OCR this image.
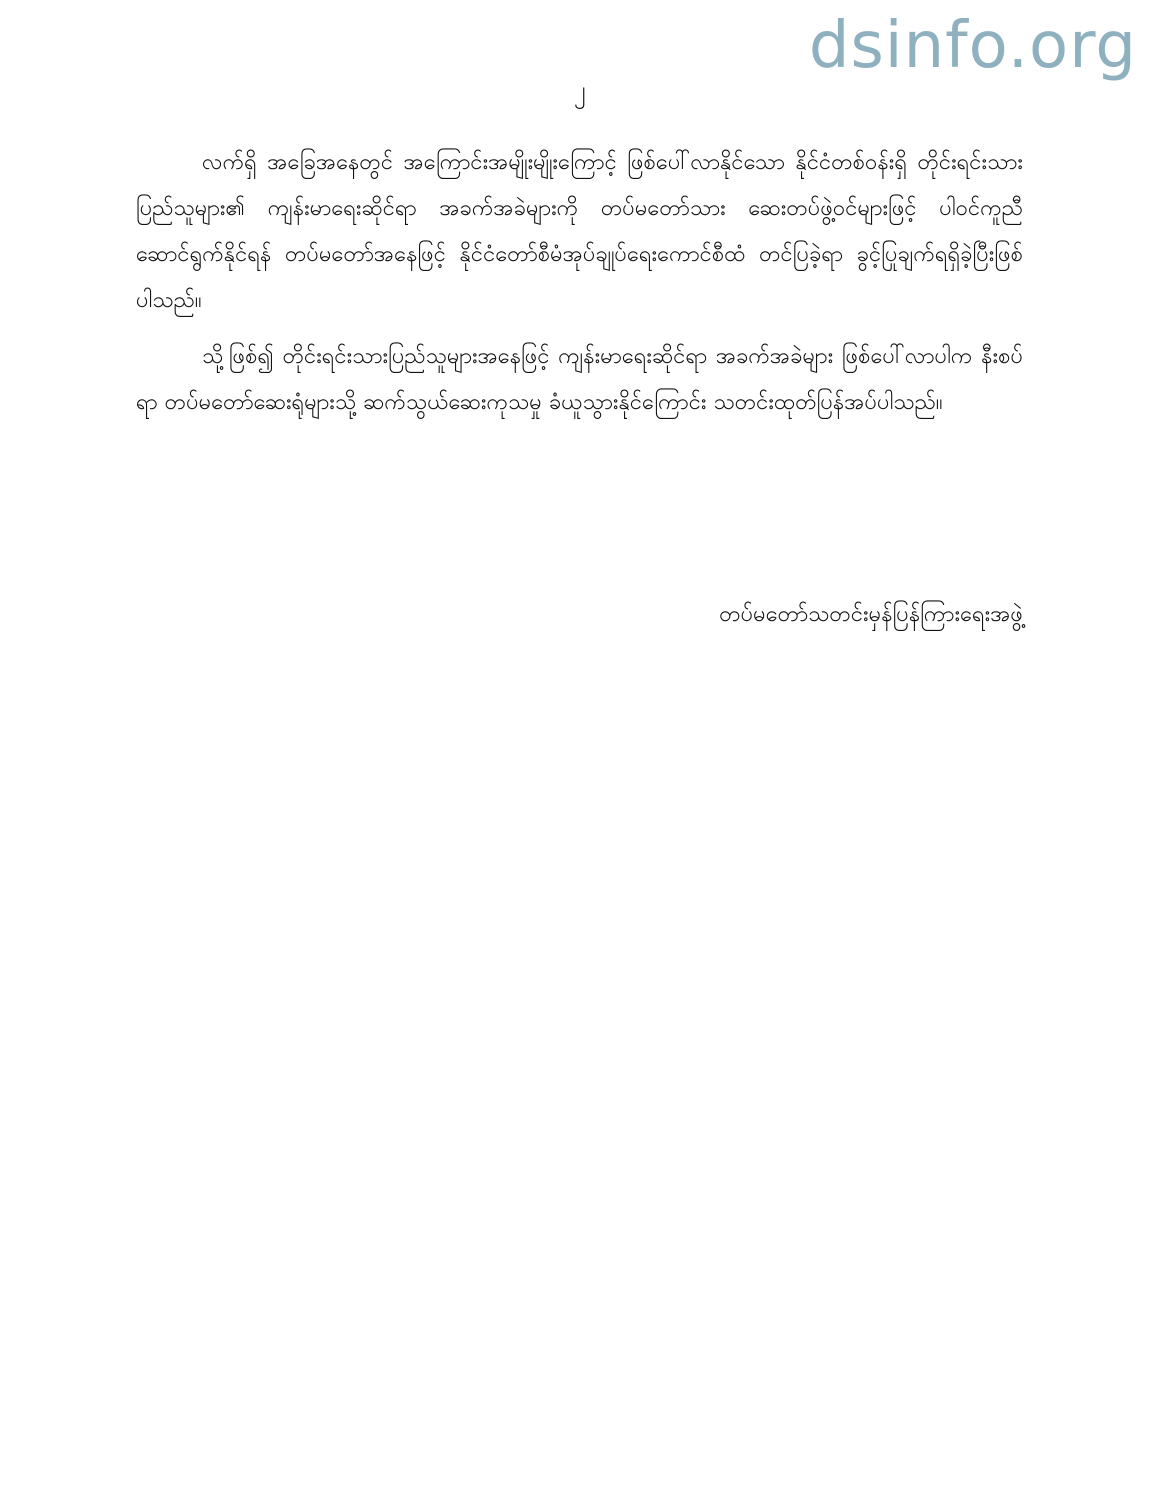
dsinfo.org
၂

လက်ရှိ အခြေအနေတွင် အကြောင်းအမျိုးမျိုးကြောင့် ဖြစ်ပေါ်လာနိုင်သော နိုင်ငံတစ်ဝန်းရှိ တိုင်းရင်းသားပြည်သူများ၏ ကျန်းမာရေးဆိုင်ရာ အခက်အခဲများကို တပ်မတော်သား ဆေးတပ်ဖွဲ့ဝင်များဖြင့် ပါဝင်ကူညီဆောင်ရွက်နိုင်ရန် တပ်မတော်အနေဖြင့် နိုင်ငံတော်စီမံအုပ်ချုပ်ရေးကောင်စီထံ တင်ပြခဲ့ရာ ခွင့်ပြုချက်ရရှိခဲ့ပြီးဖြစ်ပါသည်။

သို့ဖြစ်၍ တိုင်းရင်းသားပြည်သူများအနေဖြင့် ကျန်းမာရေးဆိုင်ရာ အခက်အခဲများ ဖြစ်ပေါ်လာပါက နီးစပ်ရာ တပ်မတော်ဆေးရုံများသို့ ဆက်သွယ်ဆေးကုသမှု ခံယူသွားနိုင်ကြောင်း သတင်းထုတ်ပြန်အပ်ပါသည်။

တပ်မတော်သတင်းမှန်ပြန်ကြားရေးအဖွဲ့
